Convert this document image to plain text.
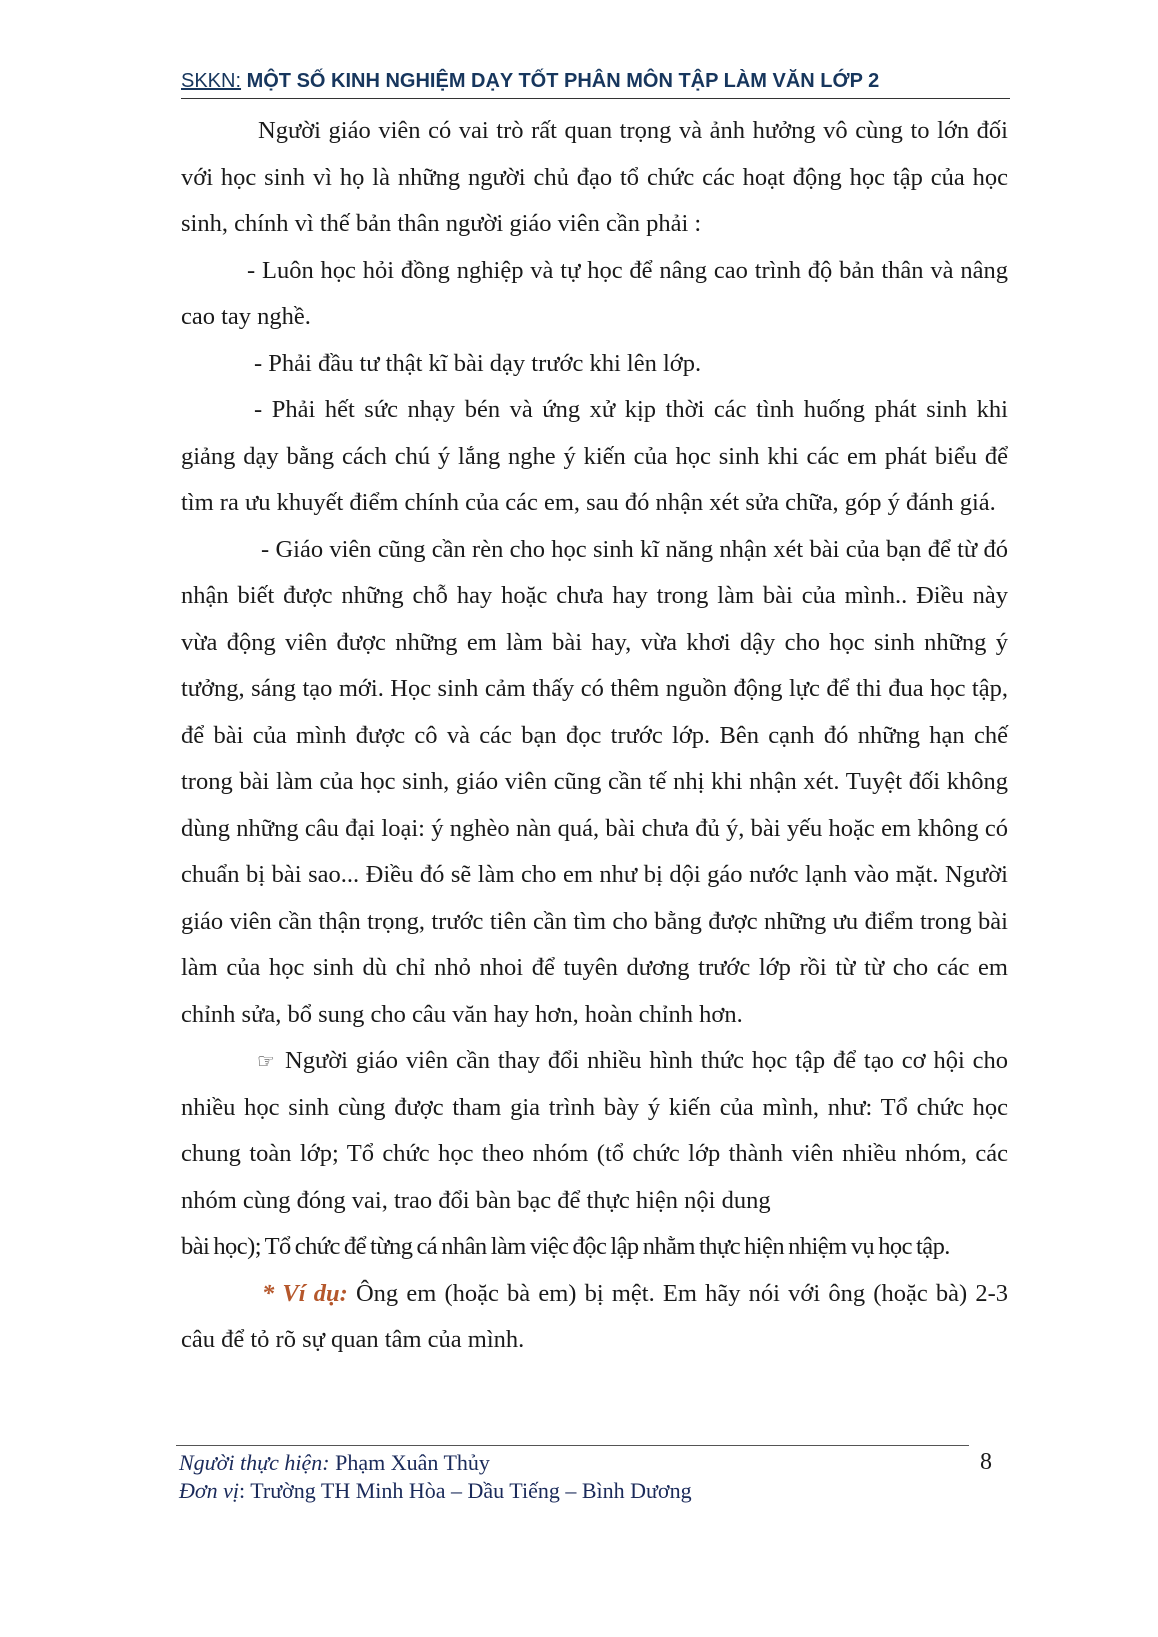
SKKN: MỘT SỐ KINH NGHIỆM DẠY TỐT PHÂN MÔN TẬP LÀM VĂN LỚP 2

Người giáo viên có vai trò rất quan trọng và ảnh hưởng vô cùng to lớn đối với học sinh vì họ là những người chủ đạo tổ chức các hoạt động học tập của học sinh, chính vì thế bản thân người giáo viên cần phải :

- Luôn học hỏi đồng nghiệp và tự học để nâng cao trình độ bản thân và nâng cao tay nghề.

- Phải đầu tư thật kĩ bài dạy trước khi lên lớp.

- Phải hết sức nhạy bén và ứng xử kịp thời các tình huống phát sinh khi giảng dạy bằng cách chú ý lắng nghe ý kiến của học sinh khi các em phát biểu để tìm ra ưu khuyết điểm chính của các em, sau đó nhận xét sửa chữa, góp ý đánh giá.

- Giáo viên cũng cần rèn cho học sinh kĩ năng nhận xét bài của bạn để từ đó nhận biết được những chỗ hay hoặc chưa hay trong làm bài của mình.. Điều này vừa động viên được những em làm bài hay, vừa khơi dậy cho học sinh những ý tưởng, sáng tạo mới. Học sinh cảm thấy có thêm nguồn động lực để thi đua học tập, để bài của mình được cô và các bạn đọc trước lớp. Bên cạnh đó những hạn chế trong bài làm của học sinh, giáo viên cũng cần tế nhị khi nhận xét. Tuyệt đối không dùng những câu đại loại: ý nghèo nàn quá, bài chưa đủ ý, bài yếu hoặc em không có chuẩn bị bài sao... Điều đó sẽ làm cho em như bị dội gáo nước lạnh vào mặt. Người giáo viên cần thận trọng, trước tiên cần tìm cho bằng được những ưu điểm trong bài làm của học sinh dù chỉ nhỏ nhoi để tuyên dương trước lớp rồi từ từ cho các em chỉnh sửa, bổ sung cho câu văn hay hơn, hoàn chỉnh hơn.

☞ Người giáo viên cần thay đổi nhiều hình thức học tập để tạo cơ hội cho nhiều học sinh cùng được tham gia trình bày ý kiến của mình, như: Tổ chức học chung toàn lớp; Tổ chức học theo nhóm (tổ chức lớp thành viên nhiều nhóm, các nhóm cùng đóng vai, trao đổi bàn bạc để thực hiện nội dung

bài học); Tổ chức để từng cá nhân làm việc độc lập nhằm thực hiện nhiệm vụ học tập.

* Ví dụ: Ông em (hoặc bà em) bị mệt. Em hãy nói với ông (hoặc bà) 2-3 câu để tỏ rõ sự quan tâm của mình.

Người thực hiện: Phạm Xuân Thủy
Đơn vị: Trường TH Minh Hòa – Dầu Tiếng – Bình Dương
8
